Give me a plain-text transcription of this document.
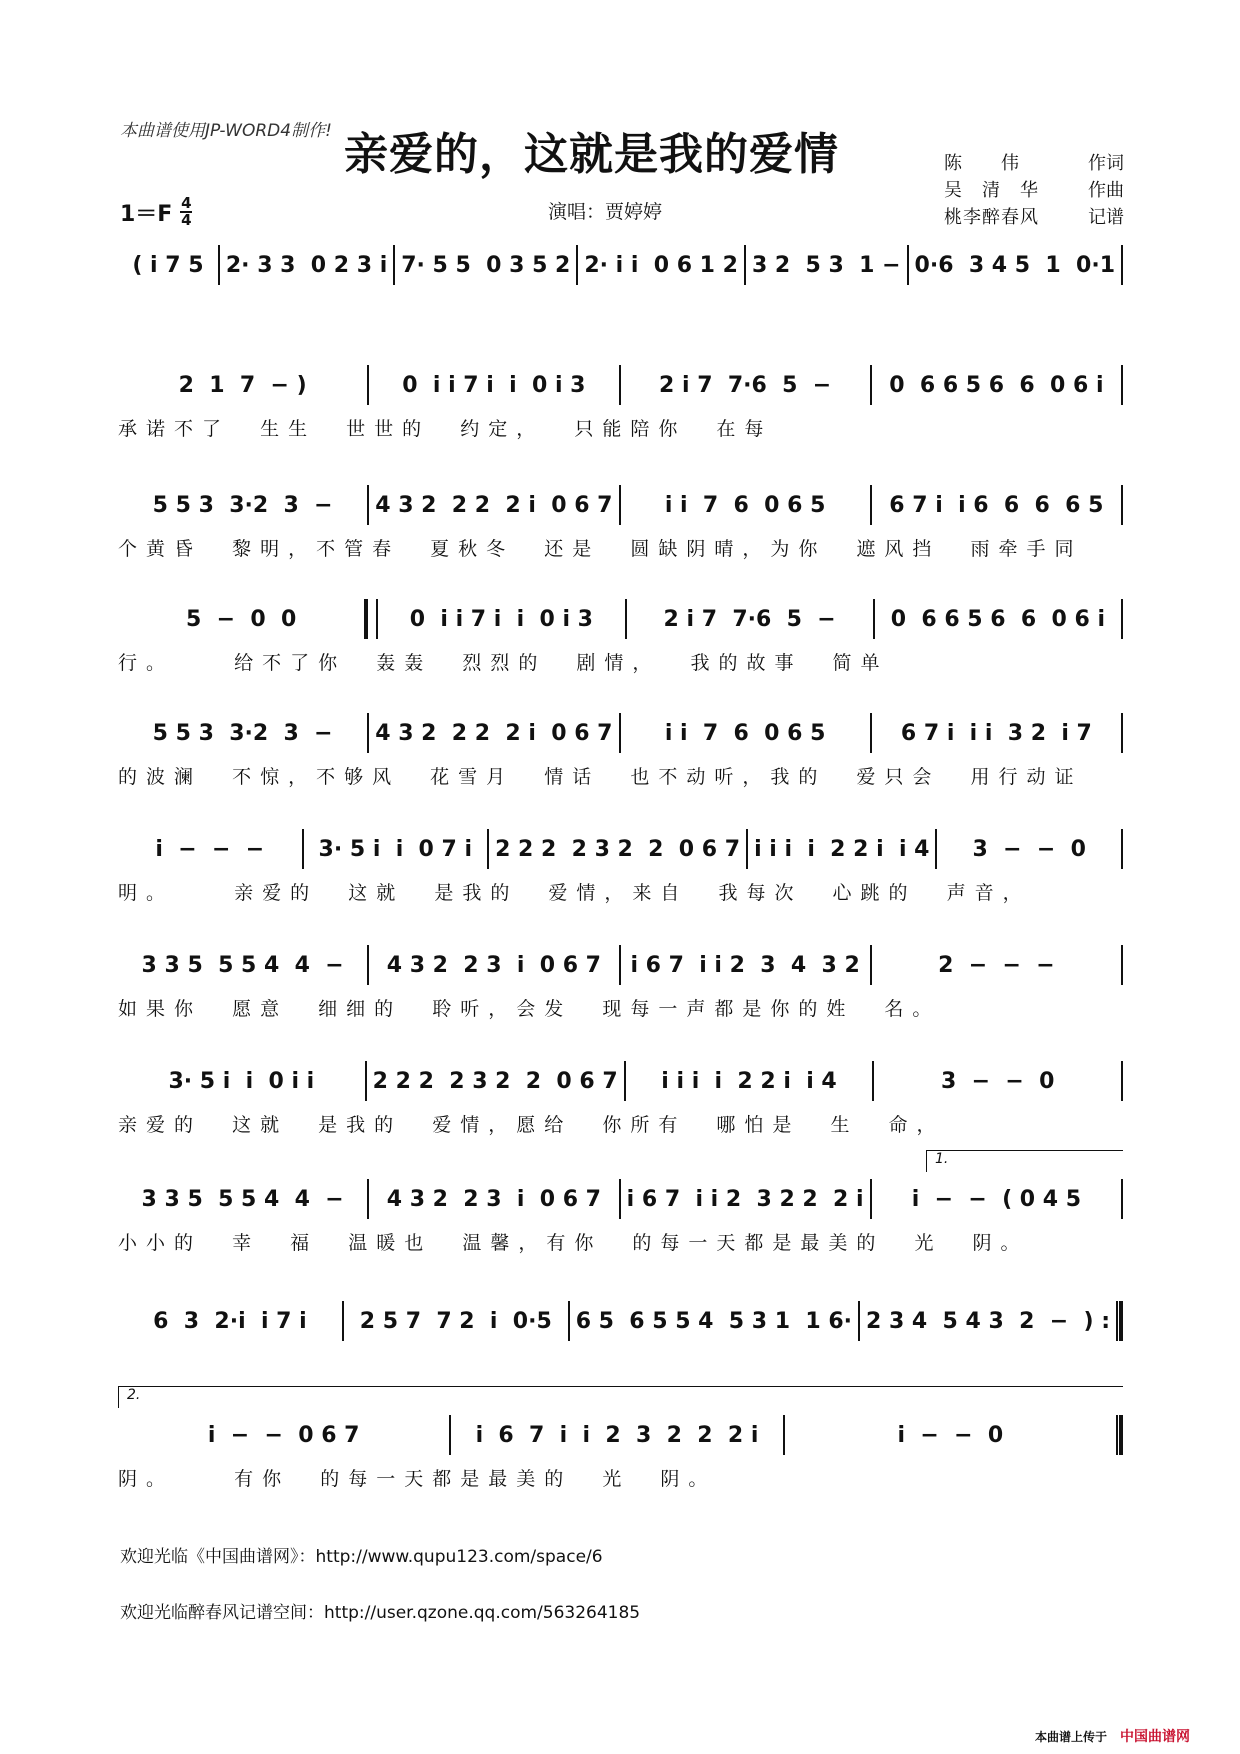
本曲谱使用JP-WORD4制作! 亲爱的，这就是我的爱情
1＝F 4
4	演唱：贾婷婷
陈　　伟	作词
吴　清　华	作曲
桃李醉春风	记谱
( i 7 5	2· 3 3  0 2 3 i 7· 5 5  0 3 5 2 2· i i  0 6 1 2 3 2  5 3  1 − 0·6  3 4 5  1  0·1
2  1  7  − )	0  i i 7 i  i  0 i 3	2 i 7  7·6  5  −	0  6 6 5 6  6  0 6 i
承诺不了  生生  世世的  约定，  只能陪你  在每
5 5 3  3·2  3  −	4 3 2  2 2  2 i  0 6 7	i i  7  6  0 6 5	6 7 i  i 6  6  6  6 5
个黄昏  黎明，不管春  夏秋冬  还是  圆缺阴晴，为你  遮风挡  雨牵手同
5  −  0  0	0  i i 7 i  i  0 i 3	2 i 7  7·6  5  −	0  6 6 5 6  6  0 6 i
行。    给不了你  轰轰  烈烈的  剧情，  我的故事  简单
5 5 3  3·2  3  −	4 3 2  2 2  2 i  0 6 7	i i  7  6  0 6 5	6 7 i  i i  3 2  i 7
的波澜  不惊，不够风  花雪月  情话  也不动听，我的  爱只会  用行动证
i  −  −  −	3· 5 i  i  0 7 i	2 2 2  2 3 2  2  0 6 7 i i i  i  2 2 i  i 4	3  −  −  0
明。    亲爱的  这就  是我的  爱情，来自  我每次  心跳的  声音，
3 3 5  5 5 4  4  −	4 3 2  2 3  i  0 6 7	i 6 7  i i 2  3  4  3 2	2  −  −  −
如果你  愿意  细细的  聆听，会发  现每一声都是你的姓  名。
3· 5 i  i  0 i i	2 2 2  2 3 2  2  0 6 7	i i i  i  2 2 i  i 4	3  −  −  0
亲爱的  这就  是我的  爱情，愿给  你所有  哪怕是  生  命，
1.
3 3 5  5 5 4  4  −	4 3 2  2 3  i  0 6 7	i 6 7  i i 2  3 2 2  2 i	i  −  −  ( 0 4 5
小小的  幸  福  温暖也  温馨，有你  的每一天都是最美的  光  阴。
6  3  2·i  i 7 i	2 5 7  7 2  i  0·5	6 5  6 5 5 4  5 3 1  1 6· 2 3 4  5 4 3  2  −  ) :
2.
i  −  −  0 6 7	i  6  7  i  i  2  3  2  2  2 i	i  −  −  0
阴。    有你  的每一天都是最美的  光  阴。
欢迎光临《中国曲谱网》：http://www.qupu123.com/space/6
欢迎光临醉春风记谱空间：http://user.qzone.qq.com/563264185
本曲谱上传于 中国曲谱网
